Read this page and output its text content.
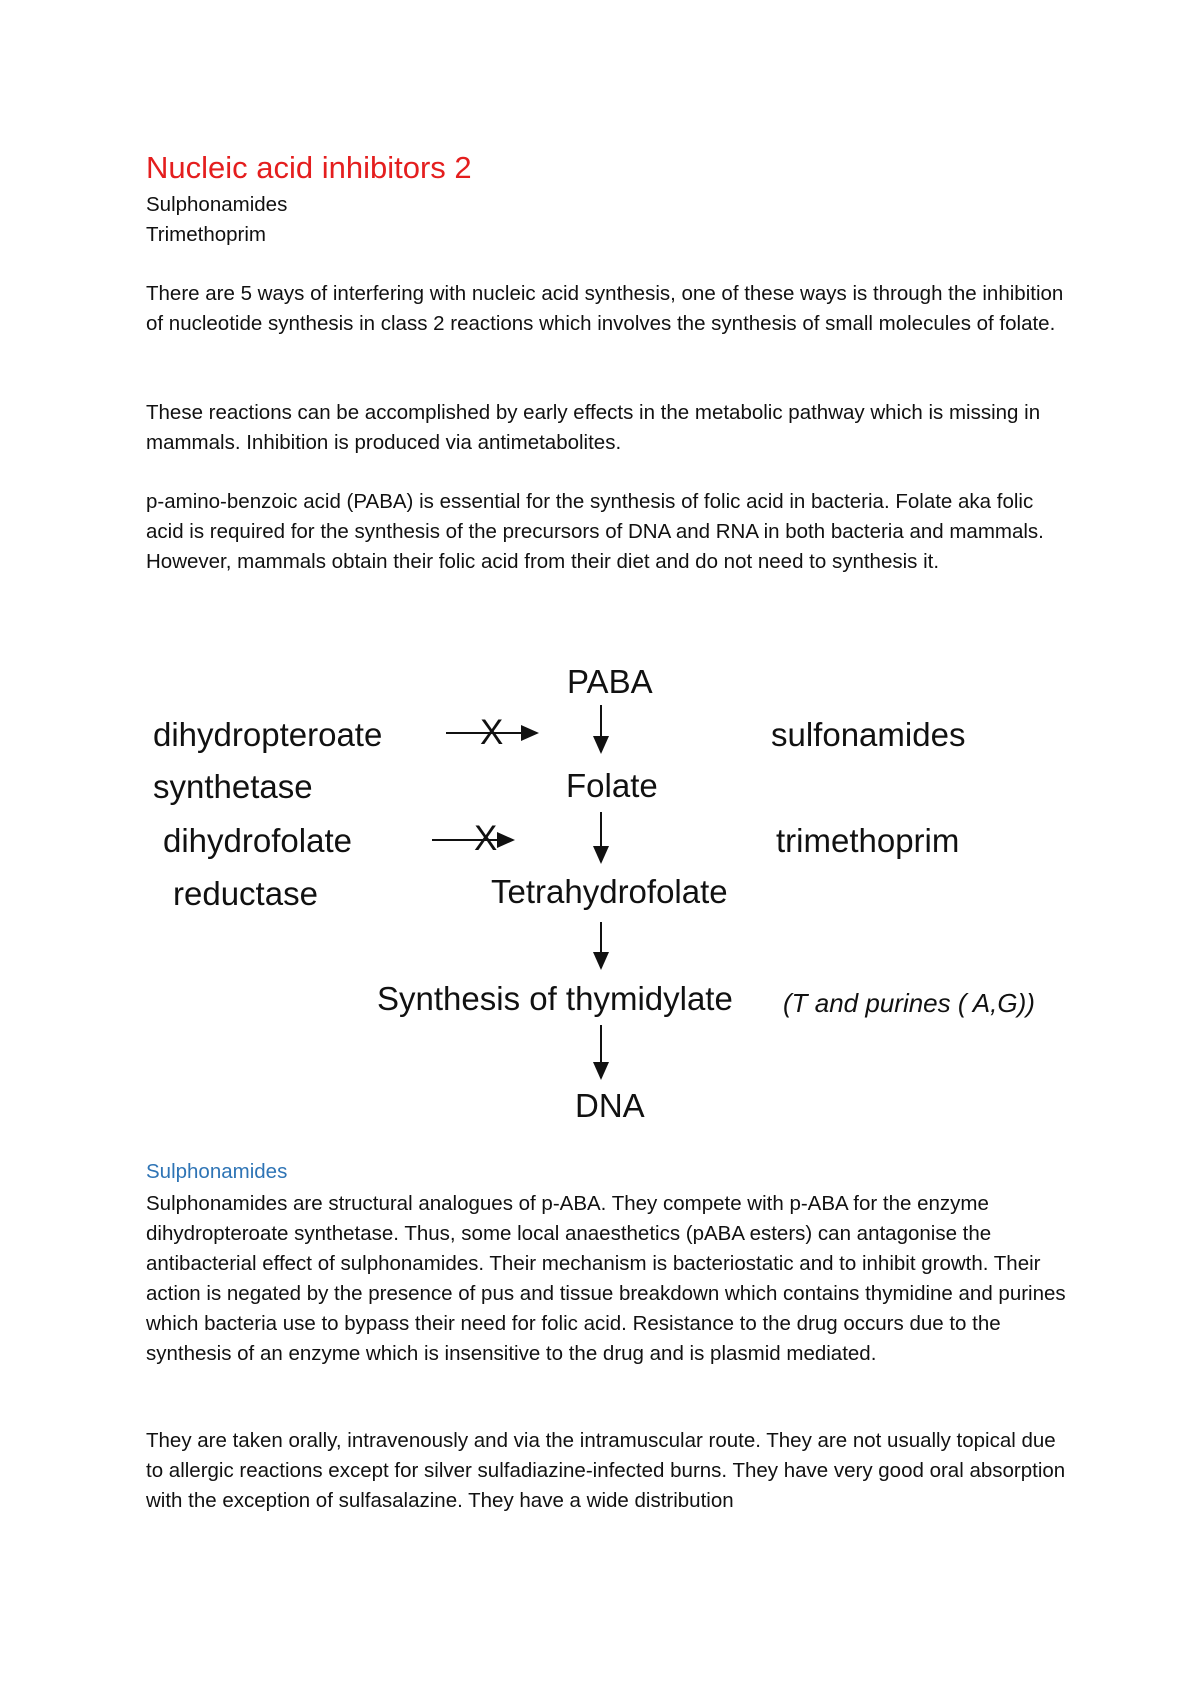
Nucleic acid inhibitors 2

Sulphonamides

Trimethoprim

There are 5 ways of interfering with nucleic acid synthesis, one of these ways is through the inhibition of nucleotide synthesis in class 2 reactions which involves the synthesis of small molecules of folate.

These reactions can be accomplished by early effects in the metabolic pathway which is missing in mammals. Inhibition is produced via antimetabolites.

p-amino-benzoic acid (PABA) is essential for the synthesis of folic acid in bacteria. Folate aka folic acid is required for the synthesis of the precursors of DNA and RNA in both bacteria and mammals. However, mammals obtain their folic acid from their diet and do not need to synthesis it.

PABA
Folate
Tetrahydrofolate
Synthesis of thymidylate (T and purines ( A,G))
DNA
dihydropteroate
synthetase
dihydrofolate
reductase
X
X
sulfonamides
trimethoprim
Sulphonamides

Sulphonamides are structural analogues of p-ABA. They compete with p-ABA for the enzyme dihydropteroate synthetase. Thus, some local anaesthetics (pABA esters) can antagonise the antibacterial effect of sulphonamides. Their mechanism is bacteriostatic and to inhibit growth. Their action is negated by the presence of pus and tissue breakdown which contains thymidine and purines which bacteria use to bypass their need for folic acid. Resistance to the drug occurs due to the synthesis of an enzyme which is insensitive to the drug and is plasmid mediated.

They are taken orally, intravenously and via the intramuscular route. They are not usually topical due to allergic reactions except for silver sulfadiazine-infected burns. They have very good oral absorption with the exception of sulfasalazine. They have a wide distribution
